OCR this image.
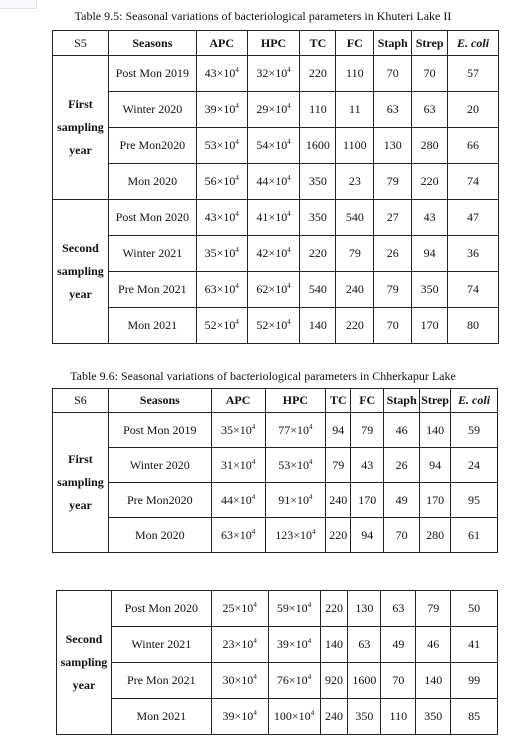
Table 9.5: Seasonal variations of bacteriological parameters in Khuteri Lake II
S5	Seasons	APC	HPC	TC	FC	Staph	Strep	E. coli

First
sampling
year	Post Mon 2019	$43\times 10^4$	$32\times 10^4$	220	110	70	70	57
	Winter 2020	$39\times 10^4$	$29\times 10^4$	110	11	63	63	20
	Pre Mon2020	$53\times 10^4$	$54\times 10^4$	1600	1100	130	280	66
	Mon 2020	$56\times 10^4$	$44\times 10^4$	350	23	79	220	74

Second
sampling
year	Post Mon 2020	$43\times 10^4$	$41\times 10^4$	350	540	27	43	47
	Winter 2021	$35\times 10^4$	$42\times 10^4$	220	79	26	94	36
	Pre Mon 2021	$63\times 10^4$	$62\times 10^4$	540	240	79	350	74
	Mon 2021	$52\times 10^4$	$52\times 10^4$	140	220	70	170	80
Table 9.6: Seasonal variations of bacteriological parameters in Chherkapur Lake
S6	Seasons	APC	HPC	TC	FC	Staph	Strep	E. coli

First
sampling
year	Post Mon 2019	$35\times 10^4$	$77\times 10^4$	94	79	46	140	59
	Winter 2020	$31\times 10^4$	$53\times 10^4$	79	43	26	94	24
	Pre Mon2020	$44\times 10^4$	$91\times 10^4$	240	170	49	170	95
	Mon 2020	$63\times 10^4$	$123\times 10^4$	220	94	70	280	61
Second
sampling
year	Post Mon 2020	$25\times 10^4$	$59\times 10^4$	220	130	63	79	50
	Winter 2021	$23\times 10^4$	$39\times 10^4$	140	63	49	46	41
	Pre Mon 2021	$30\times 10^4$	$76\times 10^4$	920	1600	70	140	99
	Mon 2021	$39\times 10^4$	$100\times 10^4$	240	350	110	350	85
